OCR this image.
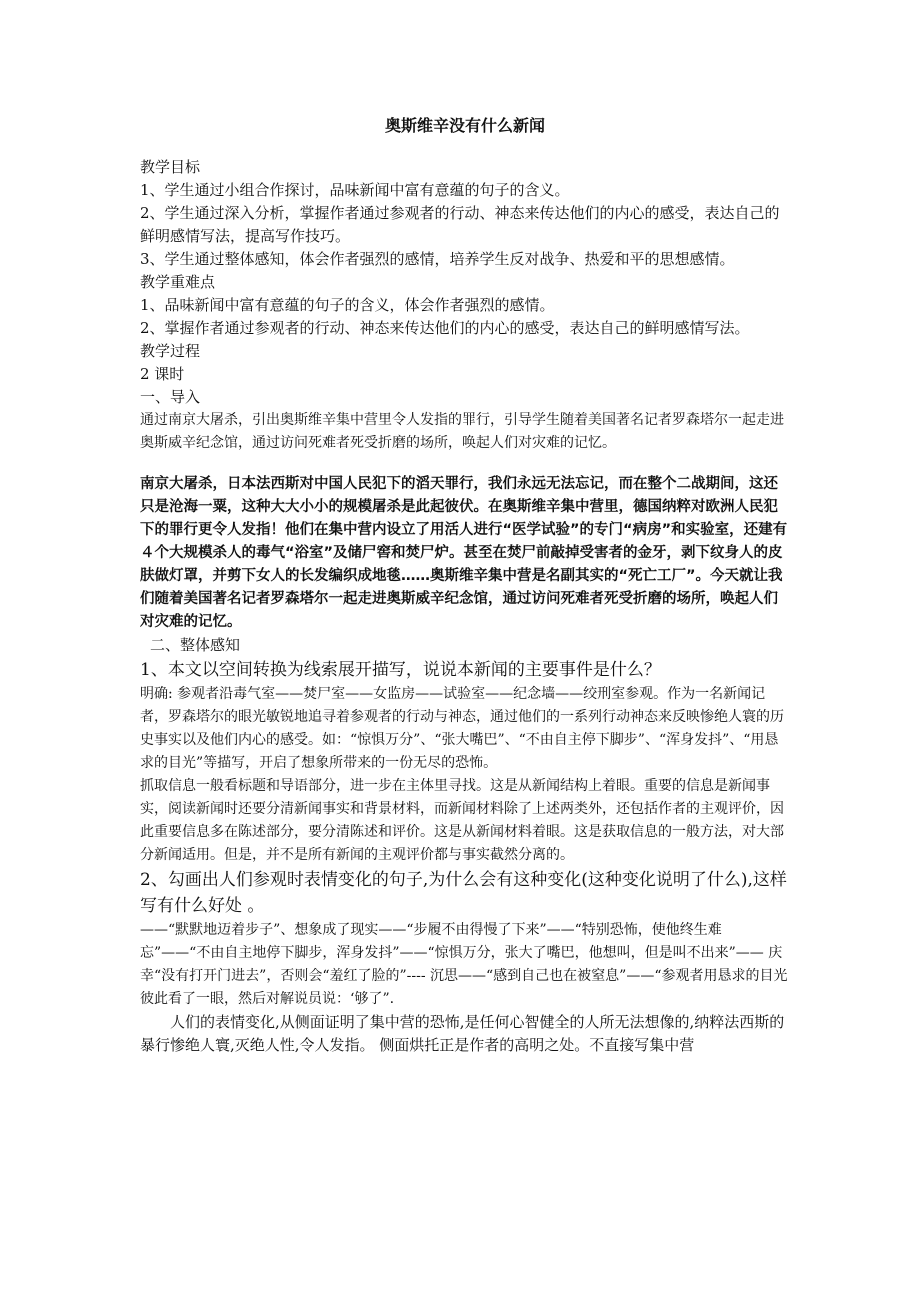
奥斯维辛没有什么新闻

教学目标

1、学生通过小组合作探讨，品味新闻中富有意蕴的句子的含义。

2、学生通过深入分析，掌握作者通过参观者的行动、神态来传达他们的内心的感受，表达自己的鲜明感情写法，提高写作技巧。

3、学生通过整体感知，体会作者强烈的感情，培养学生反对战争、热爱和平的思想感情。

教学重难点

1、品味新闻中富有意蕴的句子的含义，体会作者强烈的感情。

2、掌握作者通过参观者的行动、神态来传达他们的内心的感受，表达自己的鲜明感情写法。

教学过程

2 课时

一、导入

通过南京大屠杀，引出奥斯维辛集中营里令人发指的罪行，引导学生随着美国著名记者罗森塔尔一起走进奥斯威辛纪念馆，通过访问死难者死受折磨的场所，唤起人们对灾难的记忆。

南京大屠杀，日本法西斯对中国人民犯下的滔天罪行，我们永远无法忘记，而在整个二战期间，这还只是沧海一粟，这种大大小小的规模屠杀是此起彼伏。在奥斯维辛集中营里，德国纳粹对欧洲人民犯下的罪行更令人发指！他们在集中营内设立了用活人进行“医学试验”的专门“病房”和实验室，还建有４个大规模杀人的毒气“浴室”及储尸窖和焚尸炉。甚至在焚尸前敲掉受害者的金牙，剥下纹身人的皮肤做灯罩，并剪下女人的长发编织成地毯……奥斯维辛集中营是名副其实的“死亡工厂”。今天就让我们随着美国著名记者罗森塔尔一起走进奥斯威辛纪念馆，通过访问死难者死受折磨的场所，唤起人们对灾难的记忆。

二、整体感知

1、本文以空间转换为线索展开描写，说说本新闻的主要事件是什么？

明确: 参观者沿毒气室——焚尸室——女监房——试验室——纪念墙——绞刑室参观。作为一名新闻记者，罗森塔尔的眼光敏锐地追寻着参观者的行动与神态，通过他们的一系列行动神态来反映惨绝人寰的历史事实以及他们内心的感受。如：“惊惧万分”、“张大嘴巴”、“不由自主停下脚步”、“浑身发抖”、“用恳求的目光”等描写，开启了想象所带来的一份无尽的恐怖。

抓取信息一般看标题和导语部分，进一步在主体里寻找。这是从新闻结构上着眼。重要的信息是新闻事实，阅读新闻时还要分清新闻事实和背景材料，而新闻材料除了上述两类外，还包括作者的主观评价，因此重要信息多在陈述部分，要分清陈述和评价。这是从新闻材料着眼。这是获取信息的一般方法，对大部分新闻适用。但是，并不是所有新闻的主观评价都与事实截然分离的。

2、勾画出人们参观时表情变化的句子,为什么会有这种变化(这种变化说明了什么),这样写有什么好处 。

——“默默地迈着步子”、想象成了现实——“步履不由得慢了下来”——“特别恐怖，使他终生难忘”——“不由自主地停下脚步，浑身发抖”——“惊惧万分，张大了嘴巴，他想叫，但是叫不出来”—— 庆幸“没有打开门进去”，否则会“羞红了脸的”---- 沉思——“感到自己也在被窒息”——“参观者用恳求的目光彼此看了一眼，然后对解说员说：‘够了”.

人们的表情变化,从侧面证明了集中营的恐怖,是任何心智健全的人所无法想像的,纳粹法西斯的暴行惨绝人寰,灭绝人性,令人发指。 侧面烘托正是作者的高明之处。不直接写集中营
